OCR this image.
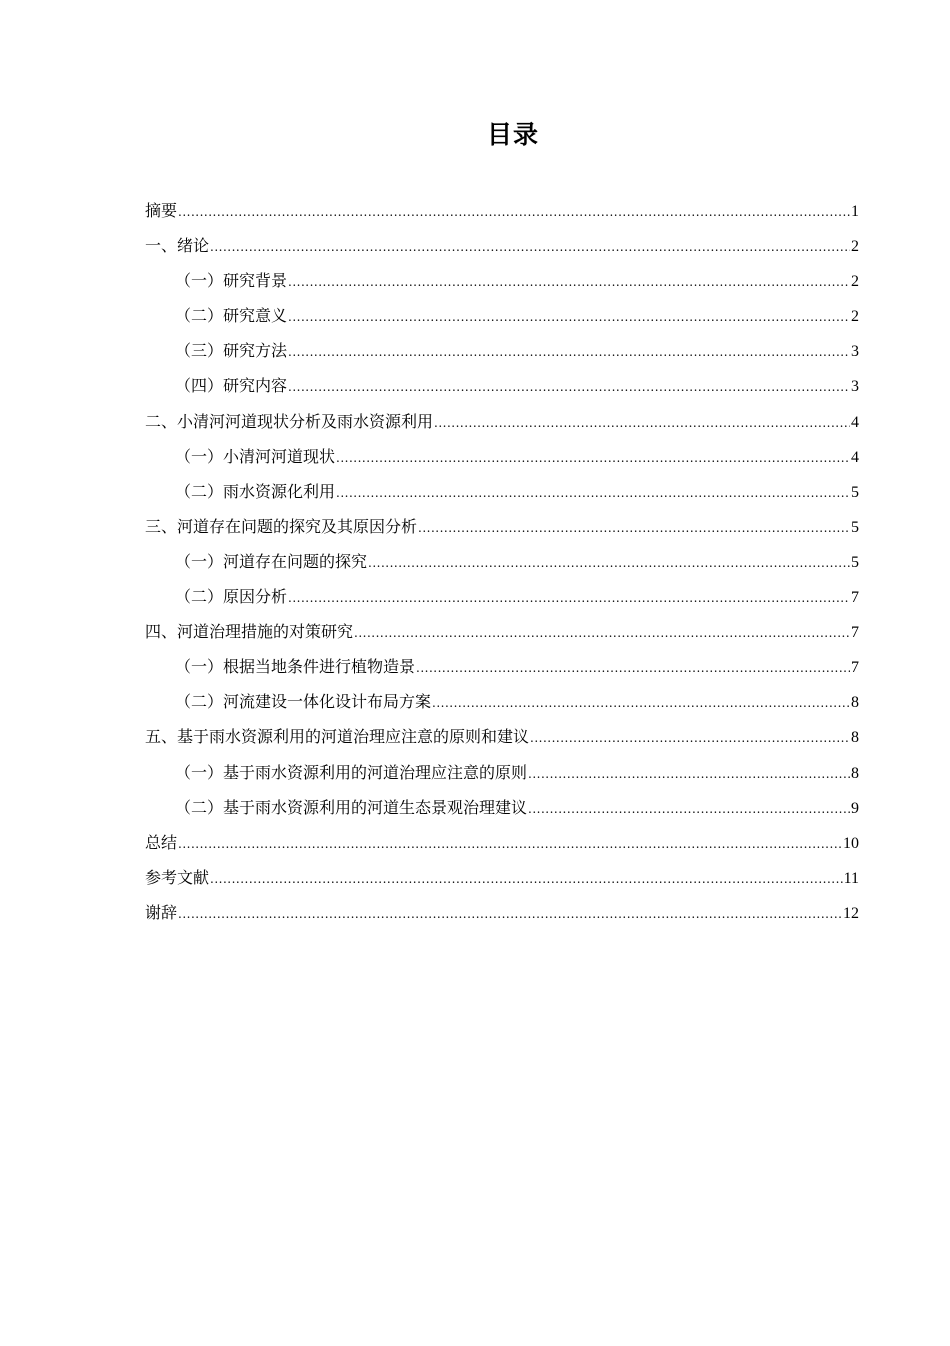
目录
摘要 .....	1
一、绪论 .....	2
（一）研究背景 .....	2
（二）研究意义 .....	2
（三）研究方法 .....	3
（四）研究内容 .....	3
二、小清河河道现状分析及雨水资源利用 .....	4
（一）小清河河道现状 .....	4
（二）雨水资源化利用 .....	5
三、河道存在问题的探究及其原因分析 .....	5
（一）河道存在问题的探究 .....	5
（二）原因分析 .....	7
四、河道治理措施的对策研究 .....	7
（一）根据当地条件进行植物造景 .....	7
（二）河流建设一体化设计布局方案 .....	8
五、基于雨水资源利用的河道治理应注意的原则和建议 .....	8
（一）基于雨水资源利用的河道治理应注意的原则 .....	8
（二）基于雨水资源利用的河道生态景观治理建议 .....	9
总结 .....	10
参考文献 .....	11
谢辞 .....	12
